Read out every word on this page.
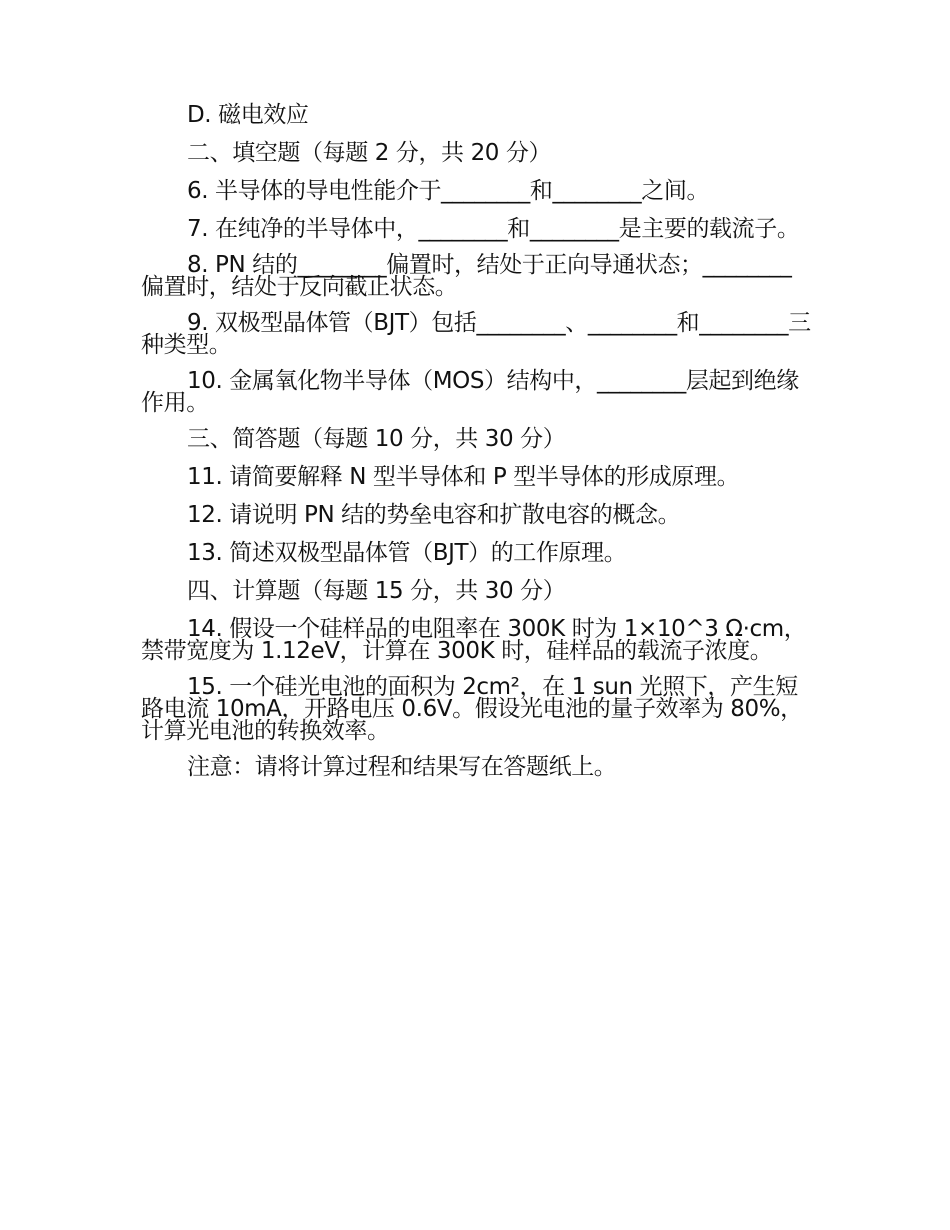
D. 磁电效应

二、填空题（每题 2 分，共 20 分）

6. 半导体的导电性能介于________和________之间。

7. 在纯净的半导体中，________和________是主要的载流子。

8. PN 结的________偏置时，结处于正向导通状态；________偏置时，结处于反向截止状态。

9. 双极型晶体管（BJT）包括________、________和________三种类型。

10. 金属氧化物半导体（MOS）结构中，________层起到绝缘作用。

三、简答题（每题 10 分，共 30 分）

11. 请简要解释 N 型半导体和 P 型半导体的形成原理。

12. 请说明 PN 结的势垒电容和扩散电容的概念。

13. 简述双极型晶体管（BJT）的工作原理。

四、计算题（每题 15 分，共 30 分）

14. 假设一个硅样品的电阻率在 300K 时为 1×10^3 Ω·cm，禁带宽度为 1.12eV，计算在 300K 时，硅样品的载流子浓度。

15. 一个硅光电池的面积为 2cm²，在 1 sun 光照下，产生短路电流 10mA，开路电压 0.6V。假设光电池的量子效率为 80%，计算光电池的转换效率。

注意：请将计算过程和结果写在答题纸上。
